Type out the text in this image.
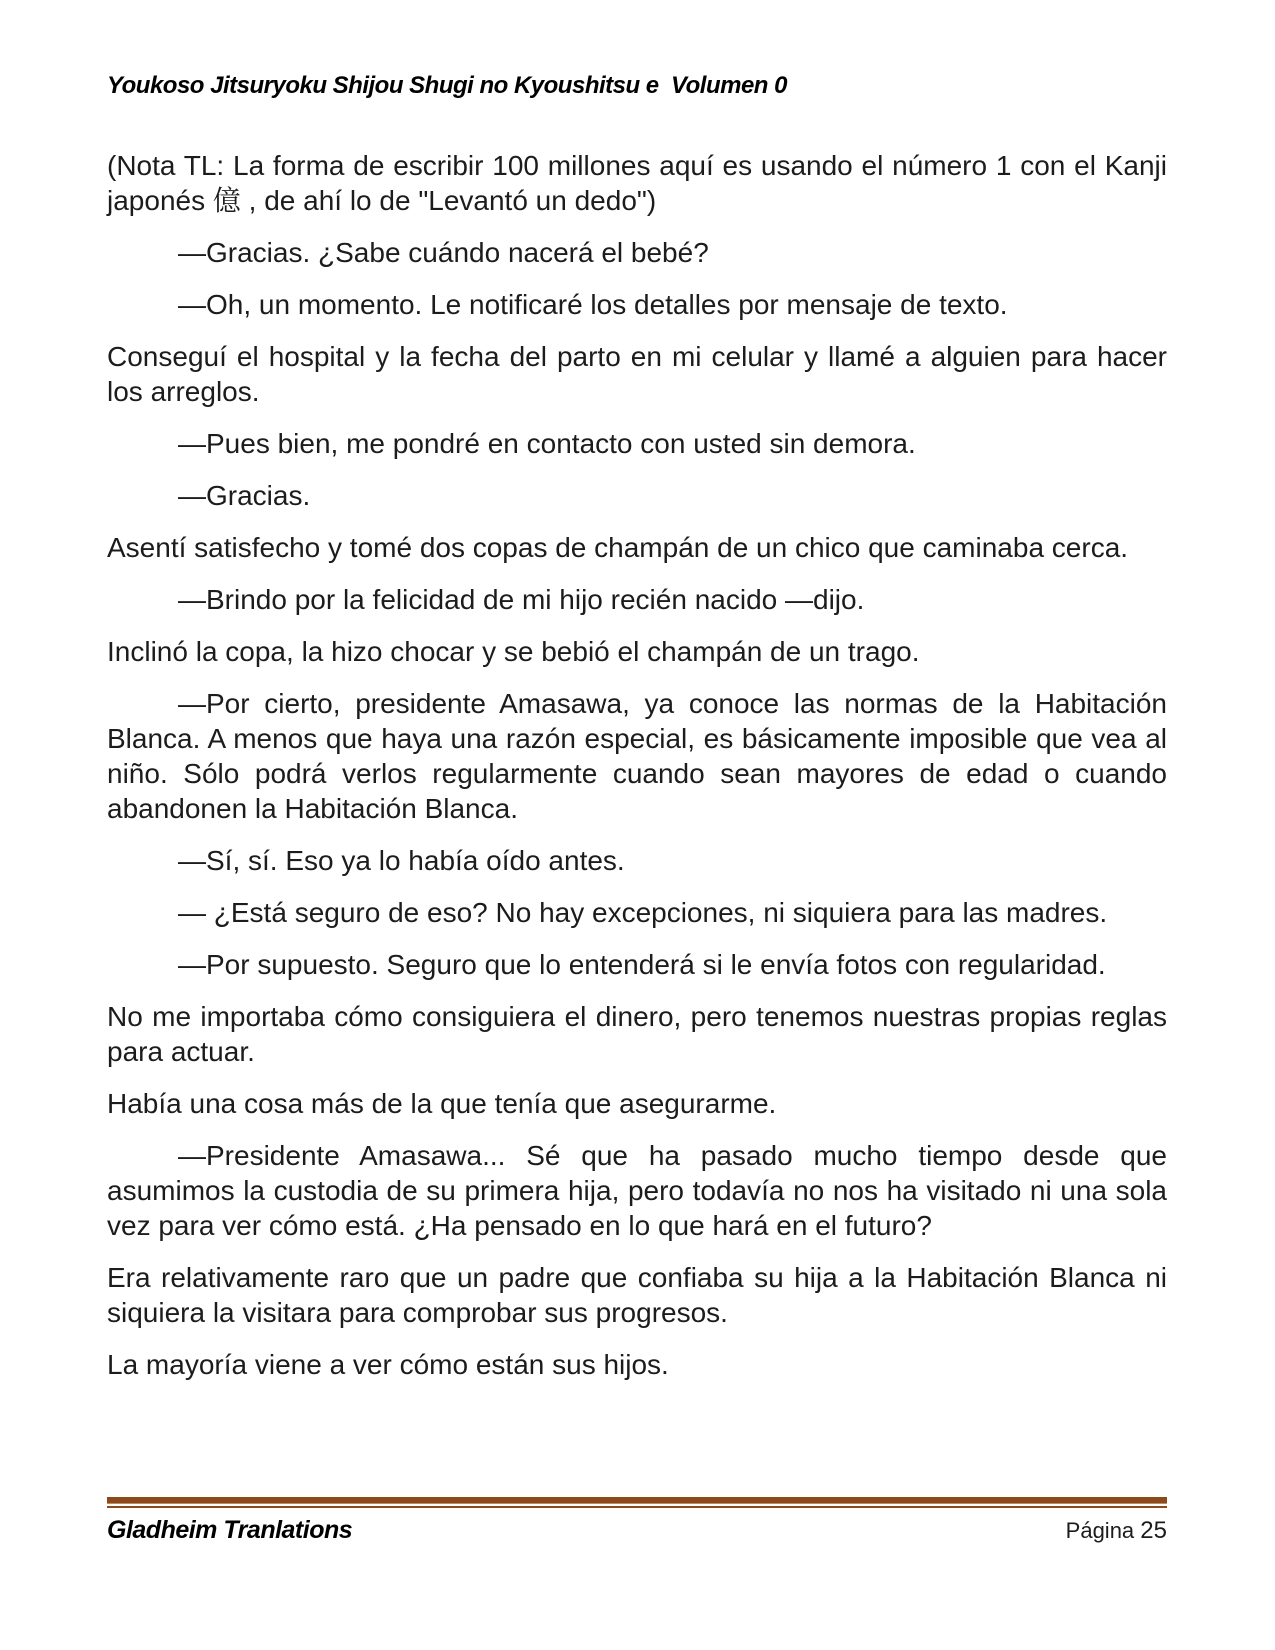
Youkoso Jitsuryoku Shijou Shugi no Kyoushitsu e  Volumen 0

(Nota TL: La forma de escribir 100 millones aquí es usando el número 1 con el Kanji japonés 億 , de ahí lo de "Levantó un dedo")

—Gracias. ¿Sabe cuándo nacerá el bebé?

—Oh, un momento. Le notificaré los detalles por mensaje de texto.

Conseguí el hospital y la fecha del parto en mi celular y llamé a alguien para hacer los arreglos.

—Pues bien, me pondré en contacto con usted sin demora.

—Gracias.

Asentí satisfecho y tomé dos copas de champán de un chico que caminaba cerca.

—Brindo por la felicidad de mi hijo recién nacido —dijo.

Inclinó la copa, la hizo chocar y se bebió el champán de un trago.

—Por cierto, presidente Amasawa, ya conoce las normas de la Habitación Blanca. A menos que haya una razón especial, es básicamente imposible que vea al niño. Sólo podrá verlos regularmente cuando sean mayores de edad o cuando abandonen la Habitación Blanca.

—Sí, sí. Eso ya lo había oído antes.

— ¿Está seguro de eso? No hay excepciones, ni siquiera para las madres.

—Por supuesto. Seguro que lo entenderá si le envía fotos con regularidad.

No me importaba cómo consiguiera el dinero, pero tenemos nuestras propias reglas para actuar.

Había una cosa más de la que tenía que asegurarme.

—Presidente Amasawa... Sé que ha pasado mucho tiempo desde que asumimos la custodia de su primera hija, pero todavía no nos ha visitado ni una sola vez para ver cómo está. ¿Ha pensado en lo que hará en el futuro?

Era relativamente raro que un padre que confiaba su hija a la Habitación Blanca ni siquiera la visitara para comprobar sus progresos.

La mayoría viene a ver cómo están sus hijos.

Gladheim Tranlations	Página 25
